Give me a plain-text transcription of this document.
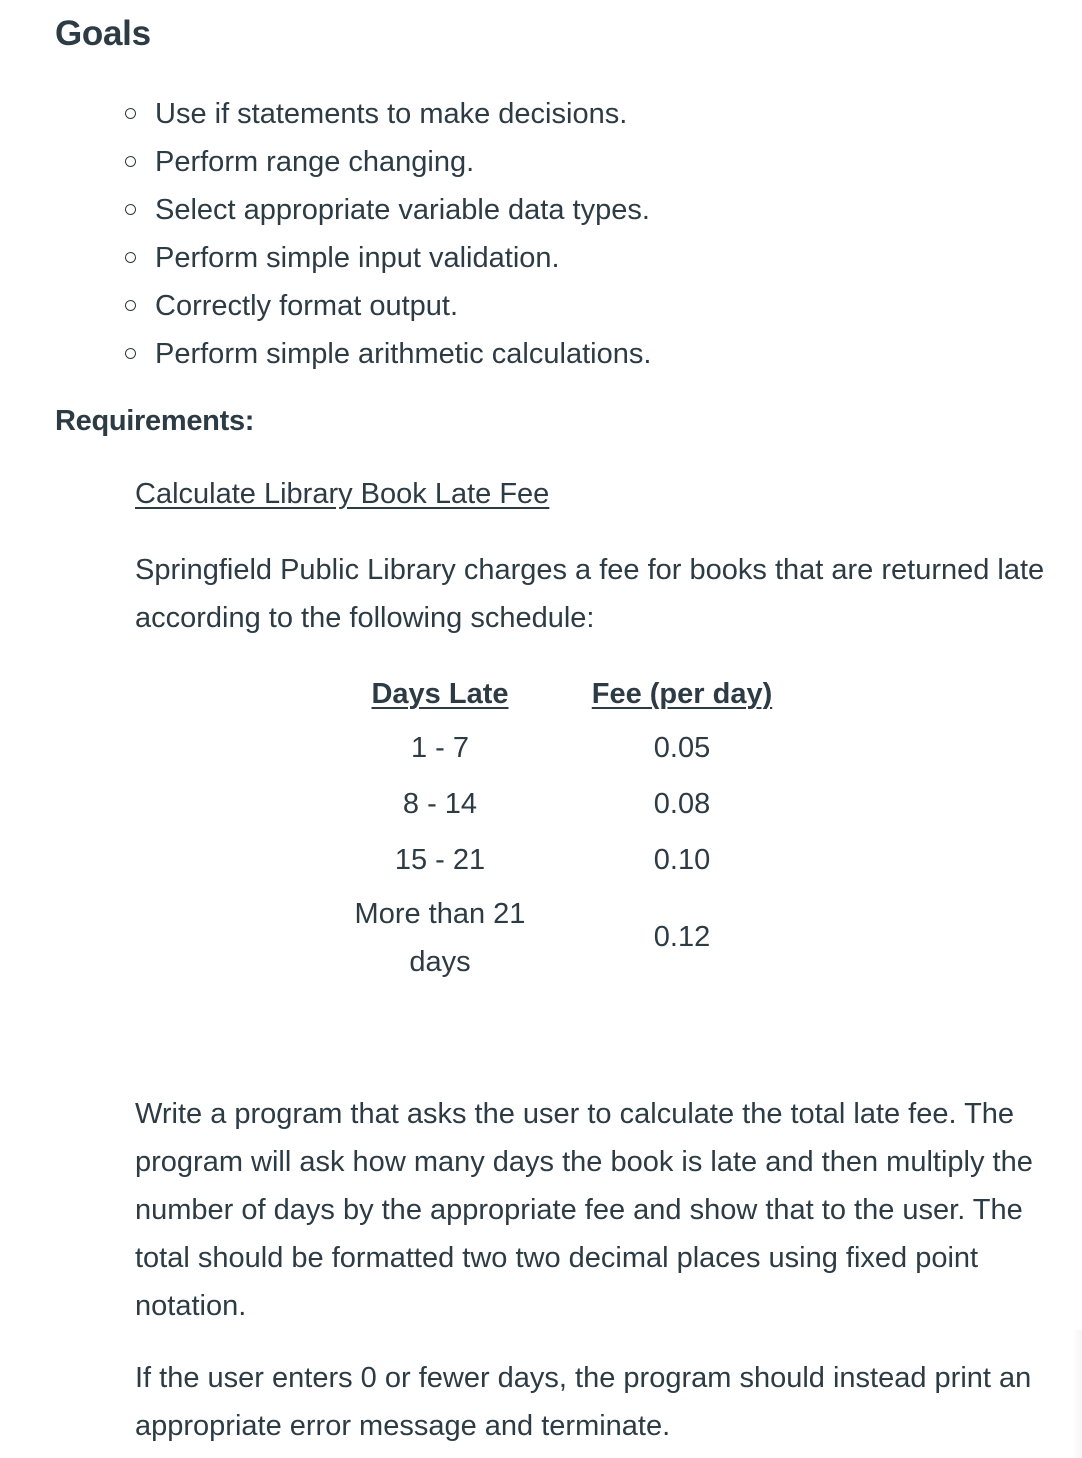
Goals
Use if statements to make decisions.
Perform range changing.
Select appropriate variable data types.
Perform simple input validation.
Correctly format output.
Perform simple arithmetic calculations.
Requirements:
Calculate Library Book Late Fee

Springfield Public Library charges a fee for books that are returned late according to the following schedule:

Days Late	Fee (per day)
1 - 7	0.05
8 - 14	0.08
15 - 21	0.10
More than 21 days	0.12

Write a program that asks the user to calculate the total late fee. The program will ask how many days the book is late and then multiply the number of days by the appropriate fee and show that to the user. The total should be formatted two two decimal places using fixed point notation.

If the user enters 0 or fewer days, the program should instead print an appropriate error message and terminate.
